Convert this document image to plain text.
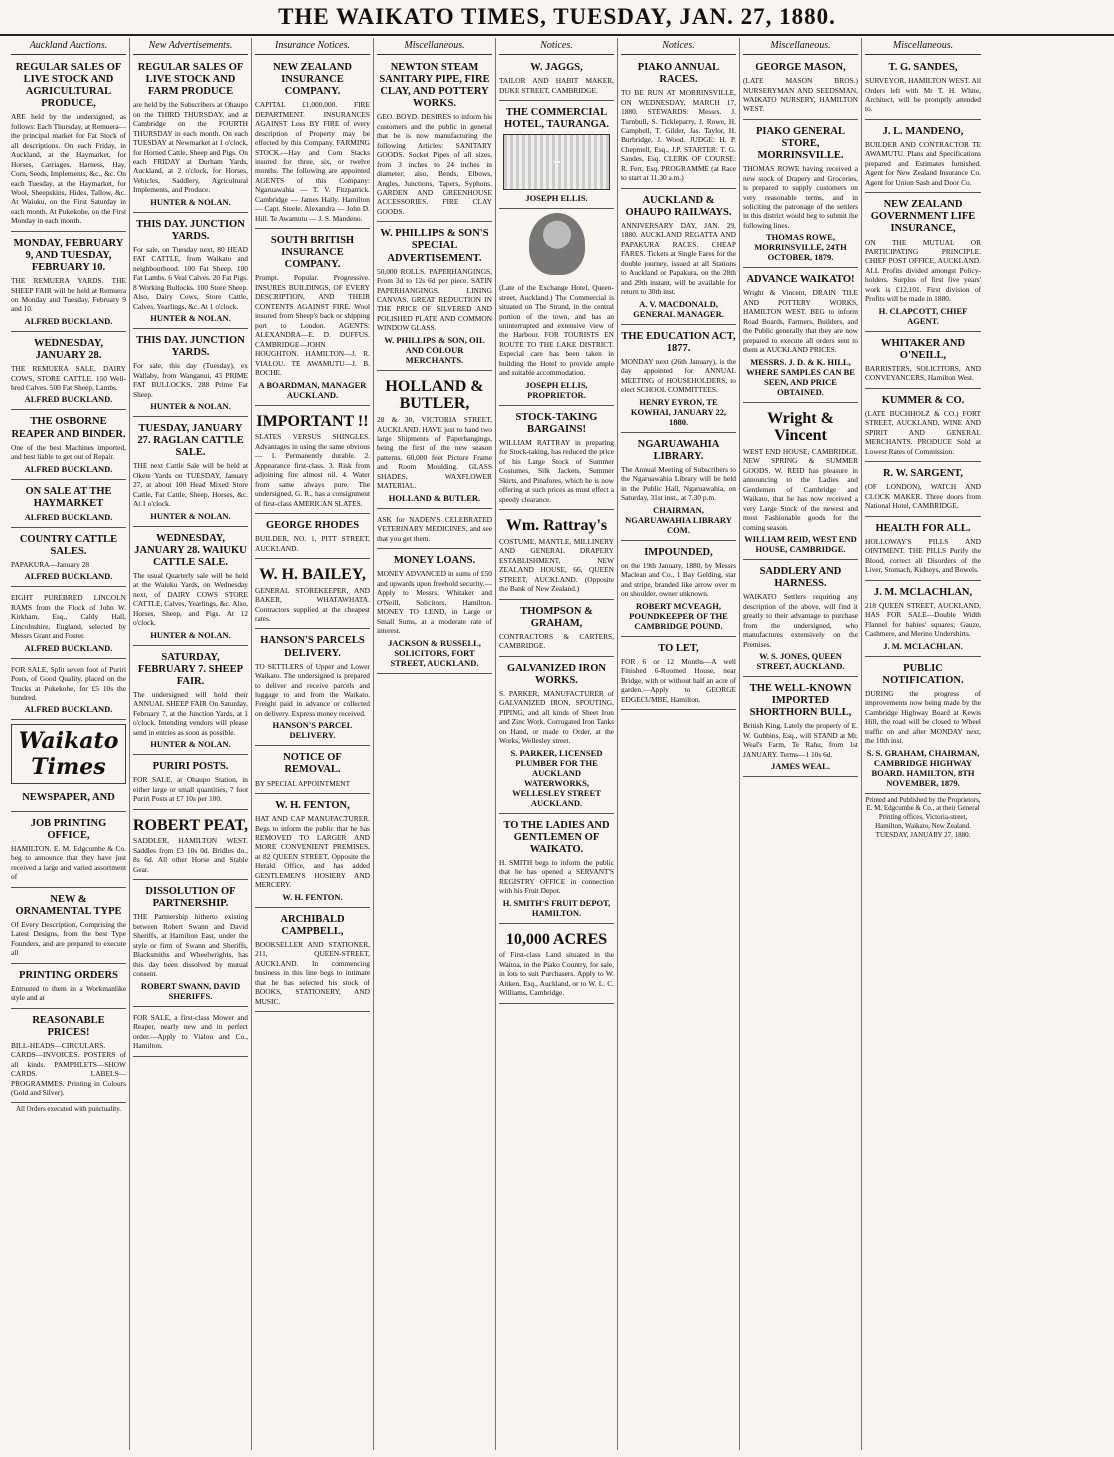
THE WAIKATO TIMES, TUESDAY, JAN. 27, 1880.
Auckland Auctions.
REGULAR SALES OF LIVE STOCK AND AGRICULTURAL PRODUCE,
ARE held by the undersigned, as follows: Each Thursday, at Remuera—the principal market for Fat Stock of all descriptions. On each Friday, in Auckland, at the Haymarket, for Horses, Carriages, Harness, Hay, Corn, Seeds, Implements, &c., &c. On each Tuesday, at the Haymarket, for Wool, Sheepskins, Hides, Tallow, &c. At Waiuku, on the First Saturday in each month. At Pukekohe, on the First Monday in each month.
MONDAY, FEBRUARY 9, AND TUESDAY, FEBRUARY 10.
THE REMUERA YARDS. THE SHEEP FAIR will be held at Remuera on Monday and Tuesday, February 9 and 10.
ALFRED BUCKLAND.
WEDNESDAY, JANUARY 28.
THE REMUERA SALE. DAIRY COWS, STORE CATTLE. 150 Well-bred Calves. 500 Fat Sheep, Lambs.
ALFRED BUCKLAND.
THE OSBORNE REAPER AND BINDER.
One of the best Machines imported, and best liable to get out of Repair.
ALFRED BUCKLAND.
ON SALE AT THE HAYMARKET
ALFRED BUCKLAND.
COUNTRY CATTLE SALES.
PAPAKURA—January 28
ALFRED BUCKLAND.
EIGHT PUREBRED LINCOLN RAMS from the Flock of John W. Kirkham, Esq., Caldy Hall, Lincolnshire, England, selected by Messrs Grant and Foster.
ALFRED BUCKLAND.
FOR SALE, Split seven foot of Puriri Posts, of Good Quality, placed on the Trucks at Pukekohe, for £5 10s the hundred.
ALFRED BUCKLAND.
Waikato Times
NEWSPAPER, AND
JOB PRINTING OFFICE,
HAMILTON. E. M. Edgcumbe & Co. beg to announce that they have just received a large and varied assortment of
NEW & ORNAMENTAL TYPE
Of Every Description, Comprising the Latest Designs, from the best Type Founders, and are prepared to execute all
PRINTING ORDERS
Entrusted to them in a Workmanlike style and at
REASONABLE PRICES!
BILL-HEADS—CIRCULARS. CARDS—INVOICES. POSTERS of all kinds. PAMPHLETS—SHOW CARDS. LABELS—PROGRAMMES. Printing in Colours (Gold and Silver).
All Orders executed with punctuality.
New Advertisements.
REGULAR SALES OF LIVE STOCK AND FARM PRODUCE
are held by the Subscribers at Ohaupo on the THIRD THURSDAY, and at Cambridge on the FOURTH THURSDAY in each month. On each TUESDAY at Newmarket at 1 o'clock, for Horned Cattle, Sheep and Pigs. On each FRIDAY at Durham Yards, Auckland, at 2 o'clock, for Horses, Vehicles, Saddlery, Agricultural Implements, and Produce.
HUNTER & NOLAN.
THIS DAY. JUNCTION YARDS.
For sale, on Tuesday next, 80 HEAD FAT CATTLE, from Waikato and neighbourhood. 100 Fat Sheep. 100 Fat Lambs. 6 Veal Calves. 20 Fat Pigs. 8 Working Bullocks. 100 Store Sheep. Also, Dairy Cows, Store Cattle, Calves, Yearlings, &c. At 1 o'clock.
HUNTER & NOLAN.
THIS DAY. JUNCTION YARDS.
For sale, this day (Tuesday), ex Wallaby, from Wanganui, 43 PRIME FAT BULLOCKS, 288 Prime Fat Sheep.
HUNTER & NOLAN.
TUESDAY, JANUARY 27. RAGLAN CATTLE SALE.
THE next Cattle Sale will be held at Okete Yards on TUESDAY, January 27, at about 100 Head Mixed Store Cattle, Fat Cattle, Sheep, Horses, &c. At 1 o'clock.
HUNTER & NOLAN.
WEDNESDAY, JANUARY 28. WAIUKU CATTLE SALE.
The usual Quarterly sale will be held at the Waiuku Yards, on Wednesday next, of DAIRY COWS STORE CATTLE, Calves, Yearlings, &c. Also, Horses, Sheep, and Pigs. At 12 o'clock.
HUNTER & NOLAN.
SATURDAY, FEBRUARY 7. SHEEP FAIR.
The undersigned will hold their ANNUAL SHEEP FAIR On Saturday, February 7, at the Junction Yards, at 1 o'clock. Intending vendors will please send in entries as soon as possible.
HUNTER & NOLAN.
PURIRI POSTS.
FOR SALE, at Ohaupo Station, in either large or small quantities, 7 foot Puriri Posts at £7 10s per 100.
ROBERT PEAT,
SADDLER, HAMILTON WEST. Saddles from £3 10s 0d. Bridles do., 8s 6d. All other Horse and Stable Gear.
DISSOLUTION OF PARTNERSHIP.
THE Partnership hitherto existing between Robert Swann and David Sheriffs, at Hamilton East, under the style or firm of Swann and Sheriffs, Blacksmiths and Wheelwrights, has this day been dissolved by mutual consent.
ROBERT SWANN, DAVID SHERIFFS.
FOR SALE, a first-class Mower and Reaper, nearly new and in perfect order.—Apply to Vialou and Co., Hamilton.
Insurance Notices.
NEW ZEALAND INSURANCE COMPANY.
CAPITAL £1,000,000. FIRE DEPARTMENT. INSURANCES AGAINST Loss BY FIRE of every description of Property may be effected by this Company. FARMING STOCK.—Hay and Corn Stacks insured for three, six, or twelve months. The following are appointed AGENTS of this Company: Ngaruawahia — T. V. Fitzpatrick. Cambridge — James Hally. Hamilton — Capt. Steele. Alexandra — John D. Hill. Te Awamutu — J. S. Mandeno.
SOUTH BRITISH INSURANCE COMPANY.
Prompt. Popular. Progressive. INSURES BUILDINGS, OF EVERY DESCRIPTION, AND THEIR CONTENTS AGAINST FIRE. Wool insured from Sheep's back or shipping port to London. AGENTS: ALEXANDRA—E. D. DUFFUS. CAMBRIDGE—JOHN HOUGHTON. HAMILTON—J. R. VIALOU. TE AWAMUTU—J. B. ROCHE.
A BOARDMAN, MANAGER AUCKLAND.
IMPORTANT !!
SLATES VERSUS SHINGLES. Advantages in using the same obvious— 1. Permanently durable. 2. Appearance first-class. 3. Risk from adjoining fire almost nil. 4. Water from same always pure. The undersigned, G. R., has a consignment of first-class AMERICAN SLATES.
GEORGE RHODES
BUILDER, NO. 1, PITT STREET, AUCKLAND.
W. H. BAILEY,
GENERAL STOREKEEPER, AND BAKER, WHATAWHATA. Contractors supplied at the cheapest rates.
HANSON'S PARCELS DELIVERY.
TO SETTLERS of Upper and Lower Waikato. The undersigned is prepared to deliver and receive parcels and luggage to and from the Waikato. Freight paid in advance or collected on delivery. Express money received.
HANSON'S PARCEL DELIVERY.
NOTICE OF REMOVAL.
BY SPECIAL APPOINTMENT
W. H. FENTON,
HAT AND CAP MANUFACTURER. Begs to inform the public that he has REMOVED TO LARGER AND MORE CONVENIENT PREMISES, at 82 QUEEN STREET, Opposite the Herald Office, and has added GENTLEMEN'S HOSIERY AND MERCERY.
W. H. FENTON.
ARCHIBALD CAMPBELL,
BOOKSELLER AND STATIONER, 211, QUEEN-STREET, AUCKLAND. In commencing business in this line begs to intimate that he has selected his stock of BOOKS, STATIONERY, AND MUSIC.
Miscellaneous.
NEWTON STEAM SANITARY PIPE, FIRE CLAY, AND POTTERY WORKS.
GEO. BOYD. DESIRES to inform his customers and the public in general that he is now manufacturing the following Articles: SANITARY GOODS. Socket Pipes of all sizes, from 3 inches to 24 inches in diameter; also, Bends, Elbows, Angles, Junctions, Tapers, Syphons. GARDEN AND GREENHOUSE ACCESSORIES. FIRE CLAY GOODS.
W. PHILLIPS & SON'S SPECIAL ADVERTISEMENT.
50,000 ROLLS. PAPERHANGINGS, From 3d to 12s 6d per piece. SATIN PAPERHANGINGS. LINING CANVAS. GREAT REDUCTION IN THE PRICE OF SILVERED AND POLISHED PLATE AND COMMON WINDOW GLASS.
W. PHILLIPS & SON, OIL AND COLOUR MERCHANTS.
HOLLAND & BUTLER,
28 & 30, VICTORIA STREET, AUCKLAND. HAVE just to hand two large Shipments of Paperhangings, being the first of the new season patterns. 60,000 feet Picture Frame and Room Moulding. GLASS SHADES, WAXFLOWER MATERIAL.
HOLLAND & BUTLER.
ASK for NADEN'S CELEBRATED VETERINARY MEDICINES, and see that you get them.
MONEY LOANS.
MONEY ADVANCED in sums of £50 and upwards upon freehold security.—Apply to Messrs. Whitaker and O'Neill, Solicitors, Hamilton. MONEY TO LEND, in Large or Small Sums, at a moderate rate of interest.
JACKSON & RUSSELL, SOLICITORS, FORT STREET, AUCKLAND.
Notices.
W. JAGGS,
TAILOR AND HABIT MAKER, DUKE STREET, CAMBRIDGE.
THE COMMERCIAL HOTEL, TAURANGA.
JOSEPH ELLIS.
(Late of the Exchange Hotel, Queen-street, Auckland.) The Commercial is situated on The Strand, in the central portion of the town, and has an uninterrupted and extensive view of the Harbour. FOR TOURISTS EN ROUTE TO THE LAKE DISTRICT. Especial care has been taken in building the Hotel to provide ample and suitable accommodation.
JOSEPH ELLIS, PROPRIETOR.
STOCK-TAKING BARGAINS!
WILLIAM RATTRAY in preparing for Stock-taking, has reduced the price of his Large Stock of Summer Costumes, Silk Jackets, Summer Skirts, and Pinafores, which he is now offering at such prices as must effect a speedy clearance.
Wm. Rattray's
COSTUME, MANTLE, MILLINERY AND GENERAL DRAPERY ESTABLISHMENT, NEW ZEALAND HOUSE, 66, QUEEN STREET, AUCKLAND. (Opposite the Bank of New Zealand.)
THOMPSON & GRAHAM,
CONTRACTORS & CARTERS, CAMBRIDGE.
GALVANIZED IRON WORKS.
S. PARKER, MANUFACTURER of GALVANIZED IRON, SPOUTING, PIPING, and all kinds of Sheet Iron and Zinc Work. Corrugated Iron Tanks on Hand, or made to Order, at the Works, Wellesley street.
S. PARKER, LICENSED PLUMBER FOR THE AUCKLAND WATERWORKS, WELLESLEY STREET AUCKLAND.
TO THE LADIES AND GENTLEMEN OF WAIKATO.
H. SMITH begs to inform the public that he has opened a SERVANT'S REGISTRY OFFICE in connection with his Fruit Depot.
H. SMITH'S FRUIT DEPOT, HAMILTON.
10,000 ACRES
of First-class Land situated in the Waitoa, in the Piako Country, for sale, in lots to suit Purchasers. Apply to W. Aitken, Esq., Auckland, or to W. L. C. Williams, Cambridge.
Notices.
PIAKO ANNUAL RACES.
TO BE RUN AT MORRINSVILLE, ON WEDNESDAY, MARCH 17, 1880. STEWARDS: Messrs. J. Turnbull, S. Tickleparry, J. Rowe, H. Campbell, T. Gilder, Jas. Taylor, H. Burbridge, J. Wood. JUDGE: H. P. Chepmell, Esq., J.P. STARTER: T. G. Sandes, Esq. CLERK OF COURSE: R. Ferr, Esq. PROGRAMME (at Race to start at 11.30 a.m.)
AUCKLAND & OHAUPO RAILWAYS.
ANNIVERSARY DAY, JAN. 29, 1880. AUCKLAND REGATTA AND PAPAKURA RACES. CHEAP FARES. Tickets at Single Fares for the double journey, issued at all Stations to Auckland or Papakura, on the 28th and 29th instant, will be available for return to 30th inst.
A. V. MACDONALD, GENERAL MANAGER.
THE EDUCATION ACT, 1877.
MONDAY next (26th January), is the day appointed for ANNUAL MEETING of HOUSEHOLDERS, to elect SCHOOL COMMITTEES.
HENRY EYRON, TE KOWHAI, JANUARY 22, 1880.
NGARUAWAHIA LIBRARY.
The Annual Meeting of Subscribers to the Ngaruawahia Library will be held in the Public Hall, Ngaruawahia, on Saturday, 31st inst., at 7.30 p.m.
CHAIRMAN, NGARUAWAHIA LIBRARY COM.
IMPOUNDED,
on the 19th January, 1880, by Messrs Maclean and Co., 1 Bay Gelding, star and stripe, branded like arrow over m on shoulder, owner unknown.
ROBERT MCVEAGH, POUNDKEEPER OF THE CAMBRIDGE POUND.
TO LET,
FOR 6 or 12 Months—A well Finished 6-Roomed House, near Bridge, with or without half an acre of garden.—Apply to GEORGE EDGECUMBE, Hamilton.
Miscellaneous.
GEORGE MASON,
(LATE MASON BROS.) NURSERYMAN AND SEEDSMAN, WAIKATO NURSERY, HAMILTON WEST.
PIAKO GENERAL STORE, MORRINSVILLE.
THOMAS ROWE having received a new stock of Drapery and Groceries, is prepared to supply customers on very reasonable terms, and in soliciting the patronage of the settlers in this district would beg to submit the following lines.
THOMAS ROWE, MORRINSVILLE, 24TH OCTOBER, 1879.
ADVANCE WAIKATO!
Wright & Vincent, DRAIN TILE AND POTTERY WORKS, HAMILTON WEST. BEG to inform Road Boards, Farmers, Builders, and the Public generally that they are now prepared to execute all orders sent to them at AUCKLAND PRICES.
MESSRS. J. D. & K. HILL, WHERE SAMPLES CAN BE SEEN, AND PRICE OBTAINED.
Wright & Vincent
WEST END HOUSE, CAMBRIDGE. NEW SPRING & SUMMER GOODS. W. REID has pleasure in announcing to the Ladies and Gentlemen of Cambridge and Waikato, that he has now received a very Large Stock of the newest and most Fashionable goods for the coming season.
WILLIAM REID, WEST END HOUSE, CAMBRIDGE.
SADDLERY AND HARNESS.
WAIKATO Settlers requiring any description of the above, will find it greatly to their advantage to purchase from the undersigned, who manufactures extensively on the Premises.
W. S. JONES, QUEEN STREET, AUCKLAND.
THE WELL-KNOWN IMPORTED SHORTHORN BULL,
British King, Lately the property of E. W. Gubbins, Esq., will STAND at Mr. Weal's Farm, Te Rahu, from 1st JANUARY. Terms—1 10s 6d.
JAMES WEAL.
Miscellaneous.
T. G. SANDES,
SURVEYOR, HAMILTON WEST. All Orders left with Mr T. H. White, Architect, will be promptly attended to.
J. L. MANDENO,
BUILDER AND CONTRACTOR TE AWAMUTU. Plans and Specifications prepared and Estimates furnished. Agent for New Zealand Insurance Co. Agent for Union Sash and Door Co.
NEW ZEALAND GOVERNMENT LIFE INSURANCE,
ON THE MUTUAL OR PARTICIPATING PRINCIPLE. CHIEF POST OFFICE, AUCKLAND. ALL Profits divided amongst Policy-holders. Surplus of first five years' work is £12,101. First division of Profits will be made in 1880.
H. CLAPCOTT, CHIEF AGENT.
WHITAKER AND O'NEILL,
BARRISTERS, SOLICITORS, AND CONVEYANCERS, Hamilton West.
KUMMER & CO.
(LATE BUCHHOLZ & CO.) FORT STREET, AUCKLAND, WINE AND SPIRIT AND GENERAL MERCHANTS. PRODUCE Sold at Lowest Rates of Commission.
R. W. SARGENT,
(OF LONDON), WATCH AND CLOCK MAKER. Three doors from National Hotel, CAMBRIDGE.
HEALTH FOR ALL.
HOLLOWAY'S PILLS AND OINTMENT. THE PILLS Purify the Blood, correct all Disorders of the Liver, Stomach, Kidneys, and Bowels.
J. M. MCLACHLAN,
218 QUEEN STREET, AUCKLAND, HAS FOR SALE—Double Width Flannel for babies' squares; Gauze, Cashmere, and Merino Undershirts.
J. M. MCLACHLAN.
PUBLIC NOTIFICATION.
DURING the progress of improvements now being made by the Cambridge Highway Board at Kewis Hill, the road will be closed to Wheel traffic on and after MONDAY next, the 10th inst.
S. S. GRAHAM, CHAIRMAN, CAMBRIDGE HIGHWAY BOARD. HAMILTON, 8TH NOVEMBER, 1879.
Printed and Published by the Proprietors, E. M. Edgcumbe & Co., at their General Printing offices, Victoria-street, Hamilton, Waikato, New Zealand. TUESDAY, JANUARY 27, 1880.
